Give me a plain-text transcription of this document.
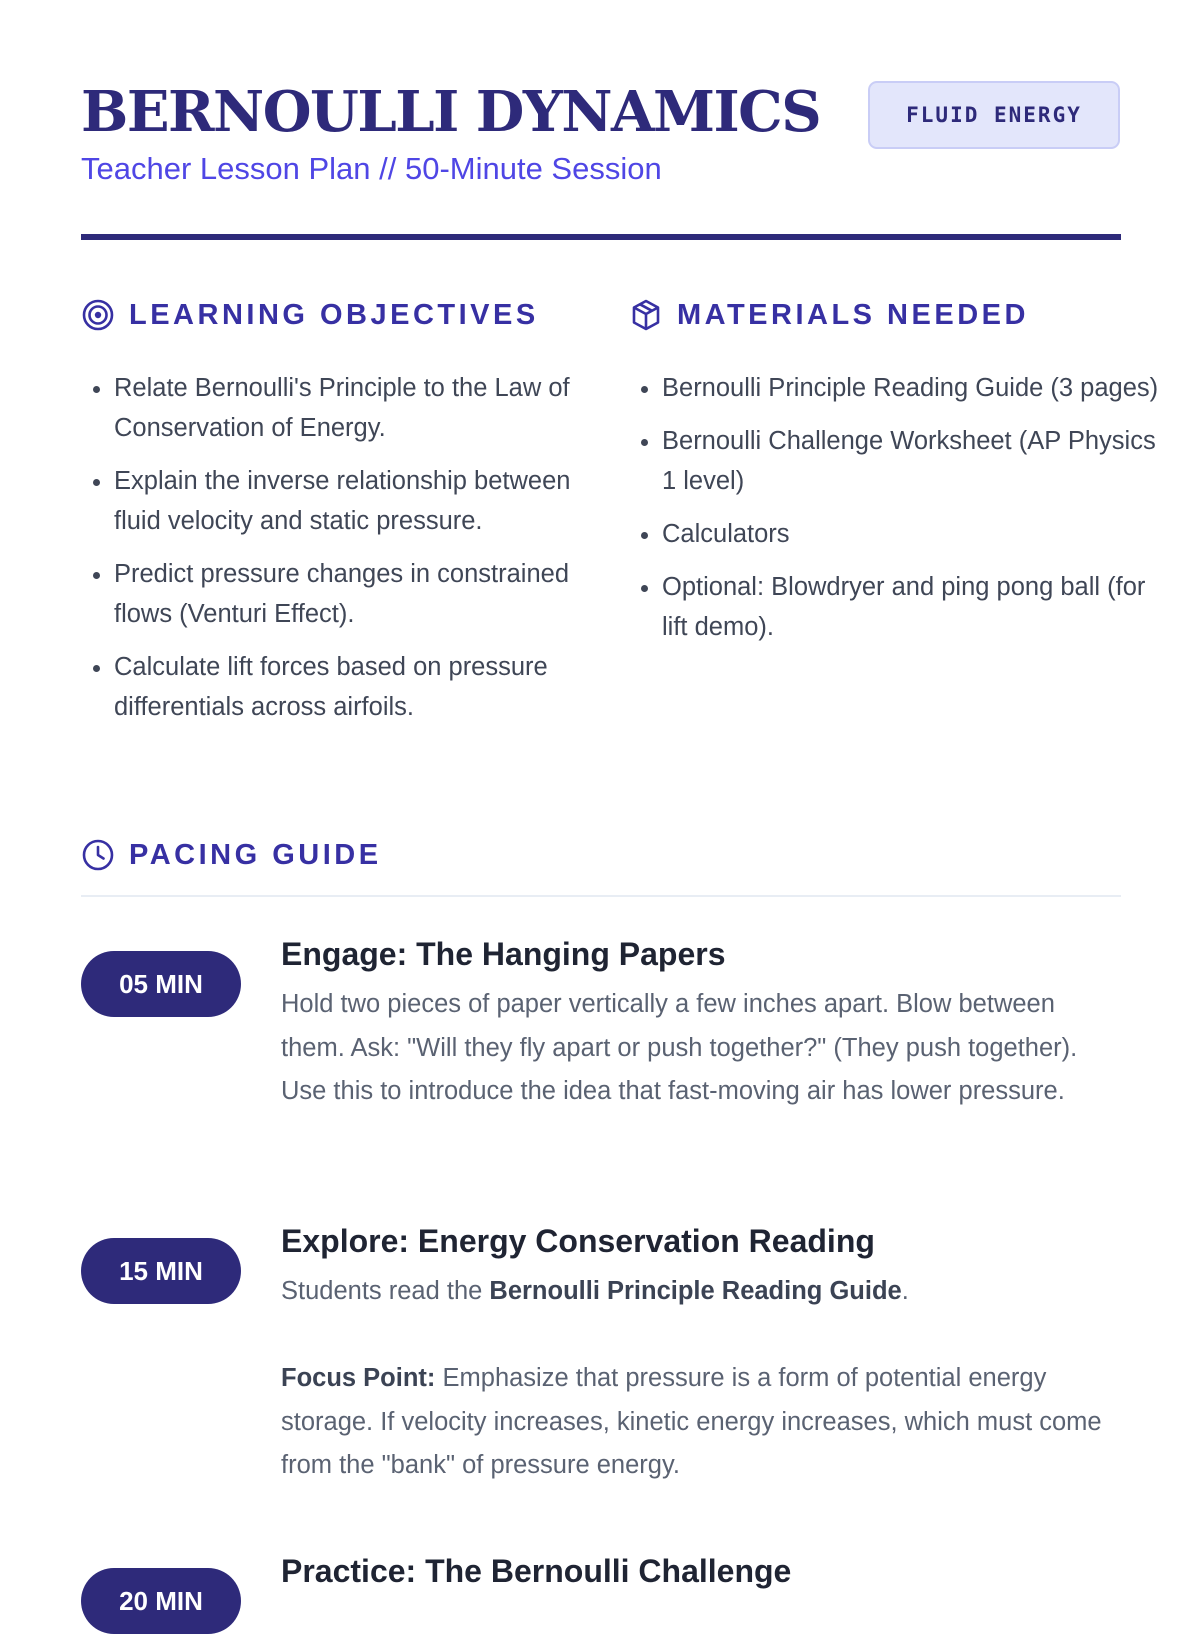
BERNOULLI DYNAMICS

Teacher Lesson Plan // 50-Minute Session

FLUID ENERGY
LEARNING OBJECTIVES
• Relate Bernoulli's Principle to the Law of Conservation of Energy.
• Explain the inverse relationship between fluid velocity and static pressure.
• Predict pressure changes in constrained flows (Venturi Effect).
• Calculate lift forces based on pressure differentials across airfoils.
MATERIALS NEEDED
• Bernoulli Principle Reading Guide (3 pages)
• Bernoulli Challenge Worksheet (AP Physics 1 level)
• Calculators
• Optional: Blowdryer and ping pong ball (for lift demo).
PACING GUIDE
05 MIN
Engage: The Hanging Papers

Hold two pieces of paper vertically a few inches apart. Blow between them. Ask: "Will they fly apart or push together?" (They push together). Use this to introduce the idea that fast-moving air has lower pressure.

15 MIN
Explore: Energy Conservation Reading

Students read the Bernoulli Principle Reading Guide.

Focus Point: Emphasize that pressure is a form of potential energy storage. If velocity increases, kinetic energy increases, which must come from the "bank" of pressure energy.

20 MIN
Practice: The Bernoulli Challenge
